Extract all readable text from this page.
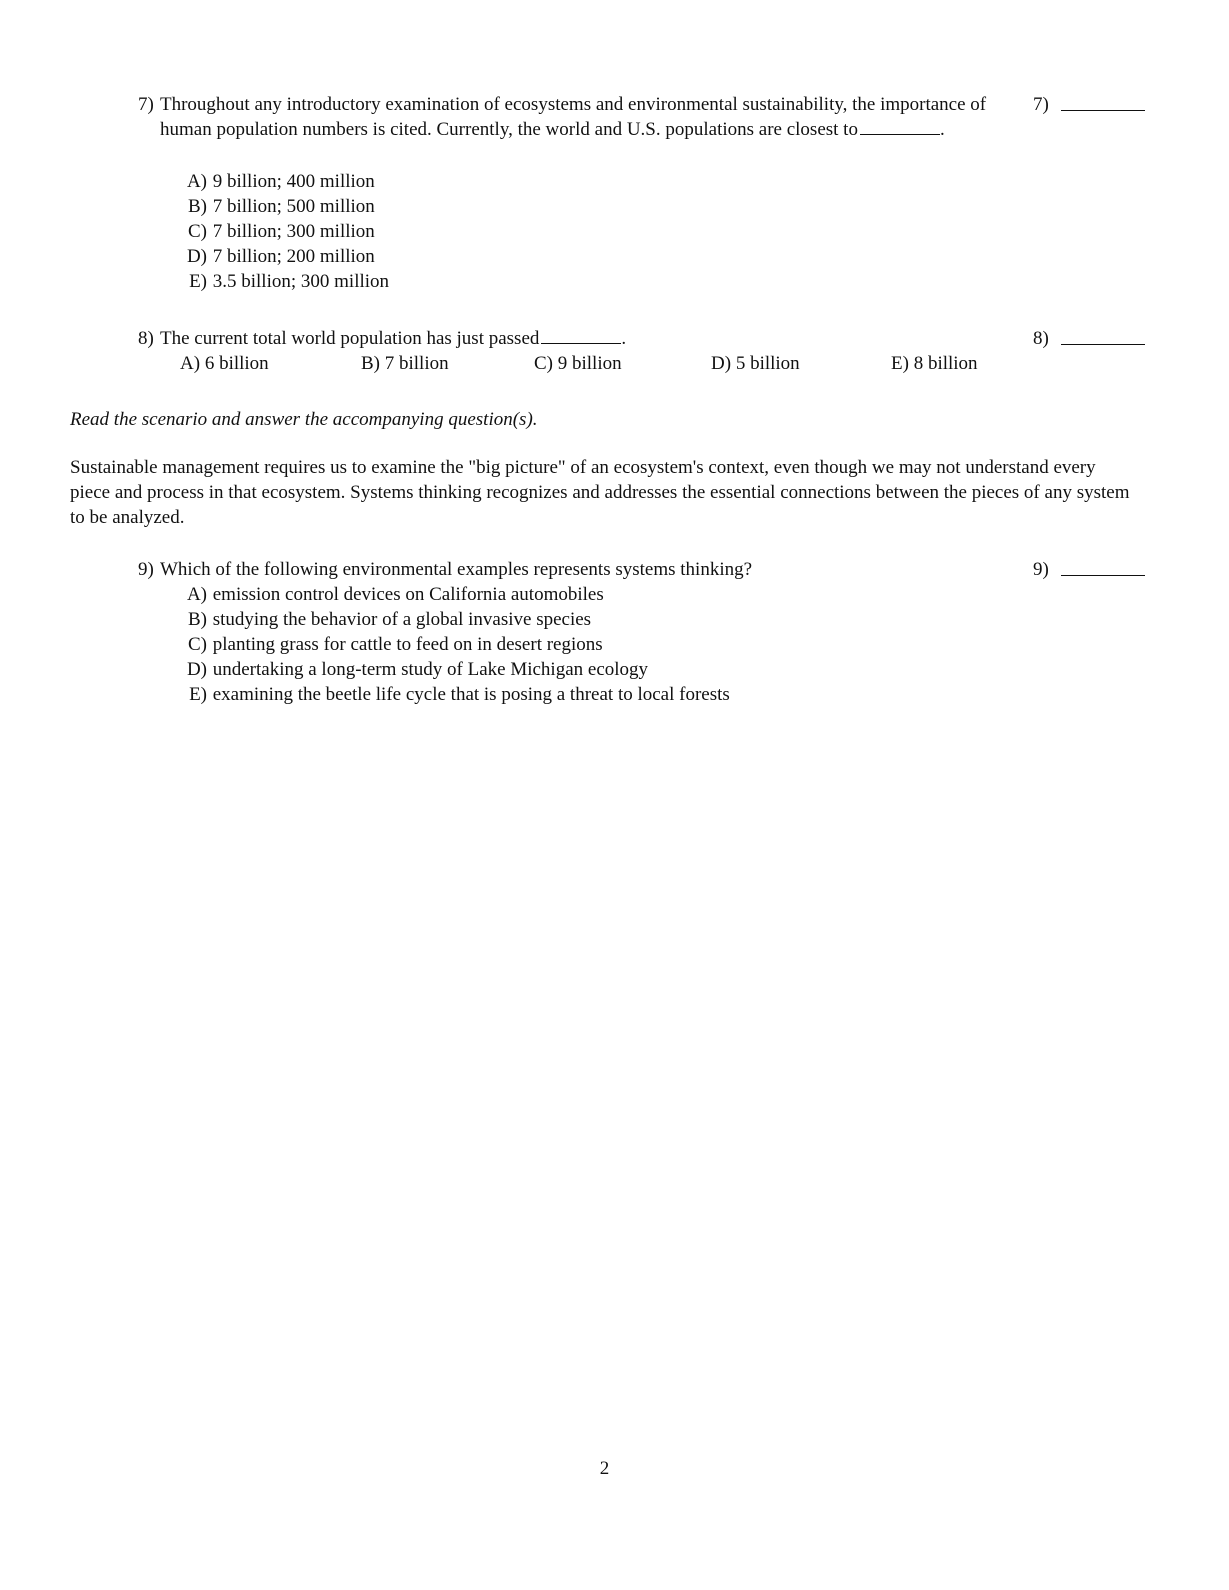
7) Throughout any introductory examination of ecosystems and environmental sustainability, the importance of human population numbers is cited. Currently, the world and U.S. populations are closest to	.
7)
A) 9 billion; 400 million
B) 7 billion; 500 million
C) 7 billion; 300 million
D) 7 billion; 200 million
E) 3.5 billion; 300 million
8) The current total world population has just passed	.	8)
A) 6 billion	B) 7 billion	C) 9 billion	D) 5 billion	E) 8 billion
Read the scenario and answer the accompanying question(s).
Sustainable management requires us to examine the "big picture" of an ecosystem's context, even though we may not understand every piece and process in that ecosystem. Systems thinking recognizes and addresses the essential connections between the pieces of any system to be analyzed.
9) Which of the following environmental examples represents systems thinking?	9)
A) emission control devices on California automobiles
B) studying the behavior of a global invasive species
C) planting grass for cattle to feed on in desert regions
D) undertaking a long-term study of Lake Michigan ecology
E) examining the beetle life cycle that is posing a threat to local forests
2
